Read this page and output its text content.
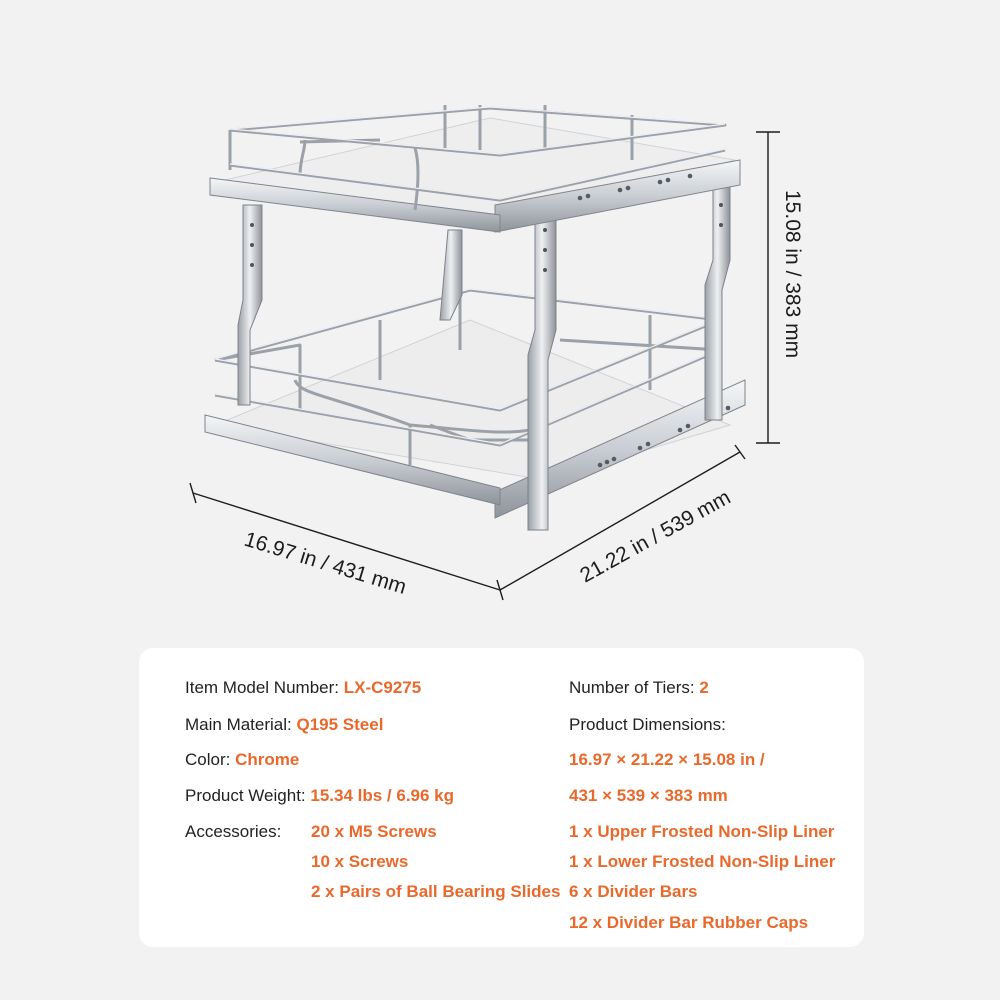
15.08 in / 383 mm
16.97 in / 431 mm	21.22 in / 539 mm
Item Model Number: LX-C9275
Main Material: Q195 Steel
Color: Chrome
Product Weight: 15.34 lbs / 6.96 kg
Accessories: 20 x M5 Screws
10 x Screws
2 x Pairs of Ball Bearing Slides
Number of Tiers: 2
Product Dimensions:
16.97 × 21.22 × 15.08 in /
431 × 539 × 383 mm
1 x Upper Frosted Non-Slip Liner
1 x Lower Frosted Non-Slip Liner
6 x Divider Bars
12 x Divider Bar Rubber Caps
